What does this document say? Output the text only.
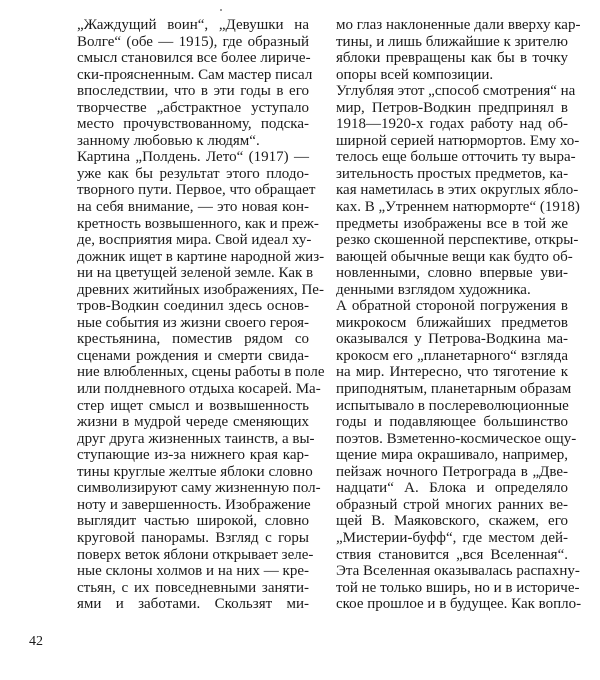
„Жаждущий воин“, „Девушки на
Волге“ (обе — 1915), где образный
смысл становился все более лириче-
ски-проясненным. Сам мастер писал
впоследствии, что в эти годы в его
творчестве „абстрактное уступало
место прочувствованному, подска-
занному любовью к людям“.
Картина „Полдень. Лето“ (1917) —
уже как бы результат этого плодо-
творного пути. Первое, что обращает
на себя внимание, — это новая кон-
кретность возвышенного, как и преж-
де, восприятия мира. Свой идеал ху-
дожник ищет в картине народной жиз-
ни на цветущей зеленой земле. Как в
древних житийных изображениях, Пе-
тров-Водкин соединил здесь основ-
ные события из жизни своего героя-
крестьянина, поместив рядом со
сценами рождения и смерти свида-
ние влюбленных, сцены работы в поле
или полдневного отдыха косарей. Ма-
стер ищет смысл и возвышенность
жизни в мудрой череде сменяющих
друг друга жизненных таинств, а вы-
ступающие из-за нижнего края кар-
тины круглые желтые яблоки словно
символизируют саму жизненную пол-
ноту и завершенность. Изображение
выглядит частью широкой, словно
круговой панорамы. Взгляд с горы
поверх веток яблони открывает зеле-
ные склоны холмов и на них — кре-
стьян, с их повседневными заняти-
ями и заботами. Скользят ми-
мо глаз наклоненные дали вверху кар-
тины, и лишь ближайшие к зрителю
яблоки превращены как бы в точку
опоры всей композиции.
Углубляя этот „способ смотрения“ на
мир, Петров-Водкин предпринял в
1918—1920-х годах работу над об-
ширной серией натюрмортов. Ему хо-
телось еще больше отточить ту выра-
зительность простых предметов, ка-
кая наметилась в этих округлых ябло-
ках. В „Утреннем натюрморте“ (1918)
предметы изображены все в той же
резко скошенной перспективе, откры-
вающей обычные вещи как будто об-
новленными, словно впервые уви-
денными взглядом художника.
А обратной стороной погружения в
микрокосм ближайших предметов
оказывался у Петрова-Водкина ма-
крокосм его „планетарного“ взгляда
на мир. Интересно, что тяготение к
приподнятым, планетарным образам
испытывало в послереволюционные
годы и подавляющее большинство
поэтов. Взметенно-космическое ощу-
щение мира окрашивало, например,
пейзаж ночного Петрограда в „Две-
надцати“ А. Блока и определяло
образный строй многих ранних ве-
щей В. Маяковского, скажем, его
„Мистерии-буфф“, где местом дей-
ствия становится „вся Вселенная“.
Эта Вселенная оказывалась распахну-
той не только вширь, но и в историче-
ское прошлое и в будущее. Как вопло-
42
